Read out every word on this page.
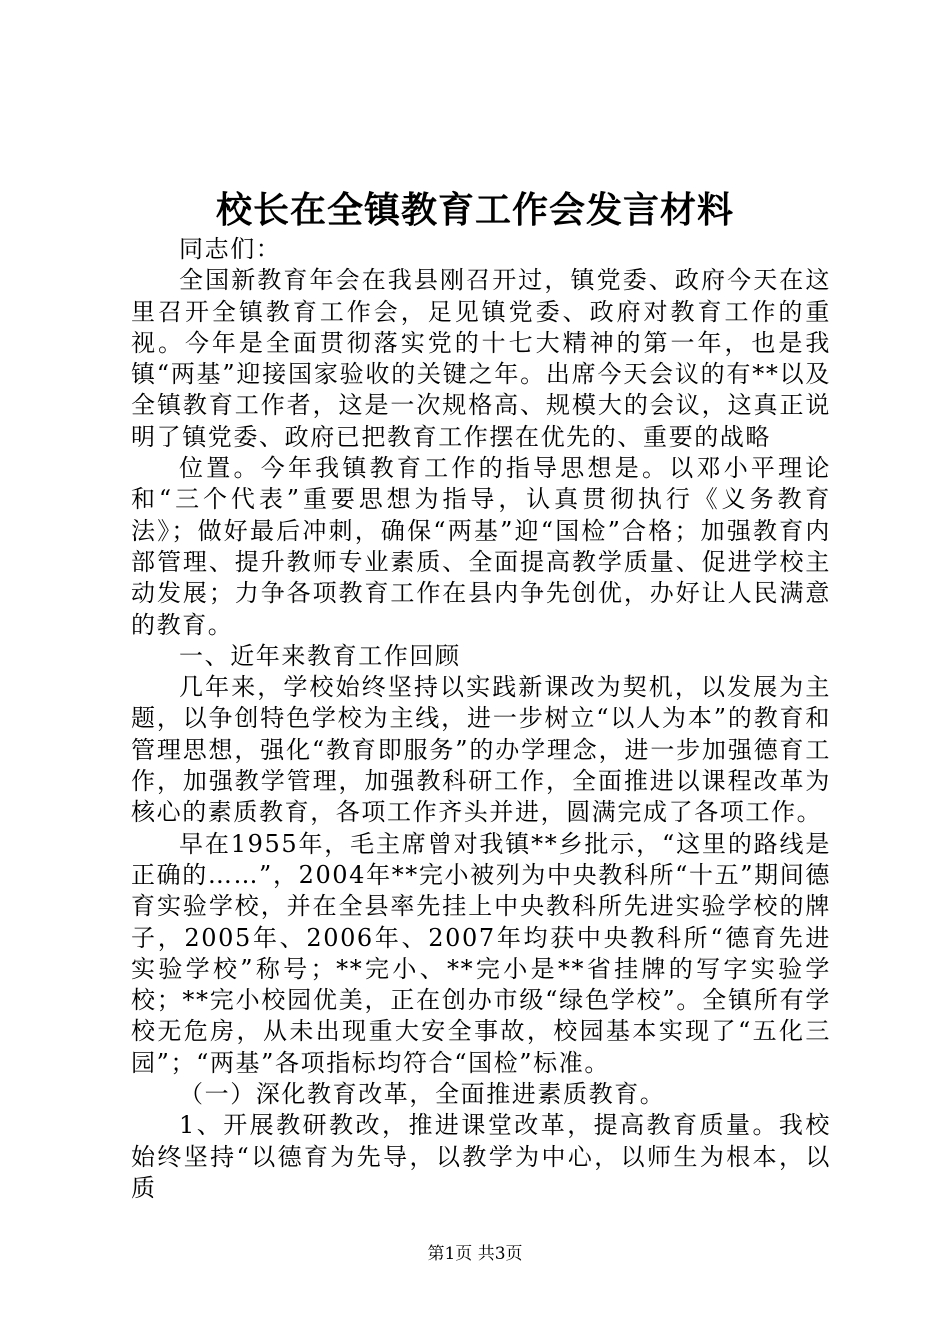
校长在全镇教育工作会发言材料

同志们：

全国新教育年会在我县刚召开过，镇党委、政府今天在这里召开全镇教育工作会，足见镇党委、政府对教育工作的重视。今年是全面贯彻落实党的十七大精神的第一年，也是我镇“两基”迎接国家验收的关键之年。出席今天会议的有**以及全镇教育工作者，这是一次规格高、规模大的会议，这真正说明了镇党委、政府已把教育工作摆在优先的、重要的战略

位置。今年我镇教育工作的指导思想是。以邓小平理论和“三个代表”重要思想为指导，认真贯彻执行《义务教育法》；做好最后冲刺，确保“两基”迎“国检”合格；加强教育内部管理、提升教师专业素质、全面提高教学质量、促进学校主动发展；力争各项教育工作在县内争先创优，办好让人民满意的教育。

一、近年来教育工作回顾

几年来，学校始终坚持以实践新课改为契机，以发展为主题，以争创特色学校为主线，进一步树立“以人为本”的教育和管理思想，强化“教育即服务”的办学理念，进一步加强德育工作，加强教学管理，加强教科研工作，全面推进以课程改革为核心的素质教育，各项工作齐头并进，圆满完成了各项工作。

早在1955年，毛主席曾对我镇**乡批示，“这里的路线是正确的……”，2004年**完小被列为中央教科所“十五”期间德育实验学校，并在全县率先挂上中央教科所先进实验学校的牌子，2005年、2006年、2007年均获中央教科所“德育先进实验学校”称号；**完小、**完小是**省挂牌的写字实验学校；**完小校园优美，正在创办市级“绿色学校”。全镇所有学校无危房，从未出现重大安全事故，校园基本实现了“五化三园”；“两基”各项指标均符合“国检”标准。

（一）深化教育改革，全面推进素质教育。

1、开展教研教改，推进课堂改革，提高教育质量。我校始终坚持“以德育为先导，以教学为中心，以师生为根本，以质

第1页 共3页
